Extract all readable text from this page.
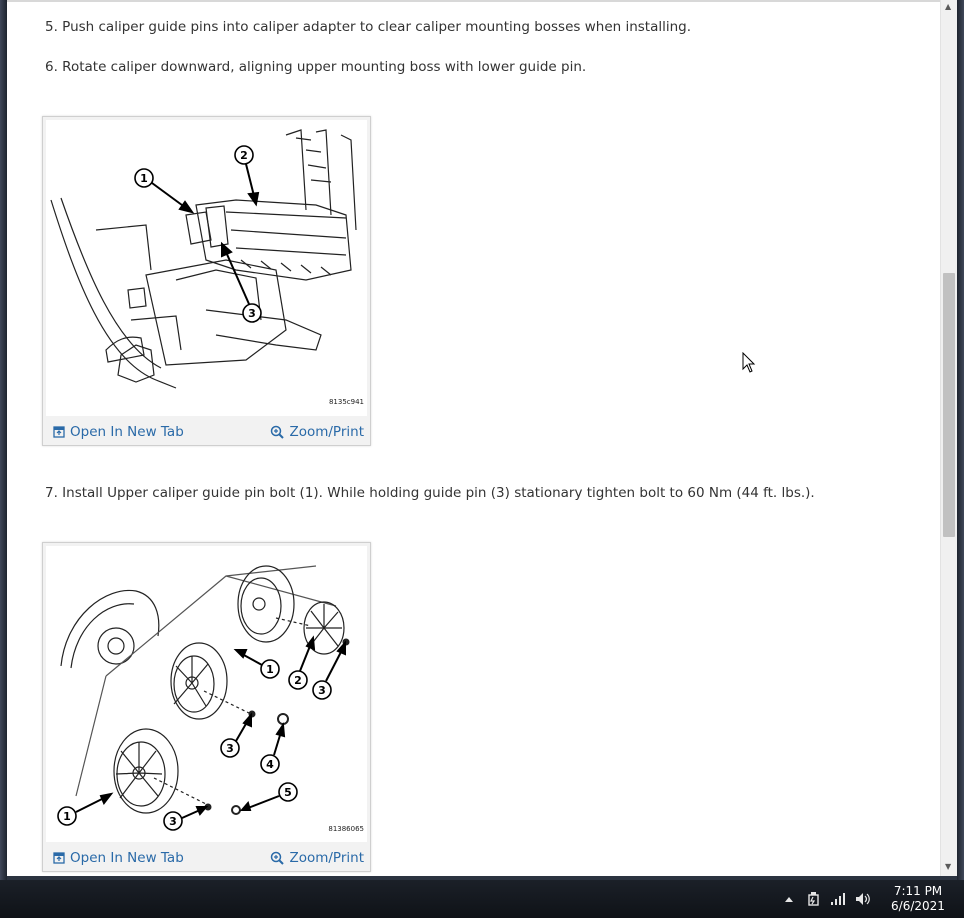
5. Push caliper guide pins into caliper adapter to clear caliper mounting bosses when installing.
6. Rotate caliper downward, aligning upper mounting boss with lower guide pin.
1
2
3
8135c941
Open In New Tab	Zoom/Print
7. Install Upper caliper guide pin bolt (1). While holding guide pin (3) stationary tighten bolt to 60 Nm (44 ft. lbs.).
1
2
3
3
4
1	3
5
81386065
Open In New Tab	Zoom/Print
▲
▼
7:11 PM
6/6/2021
